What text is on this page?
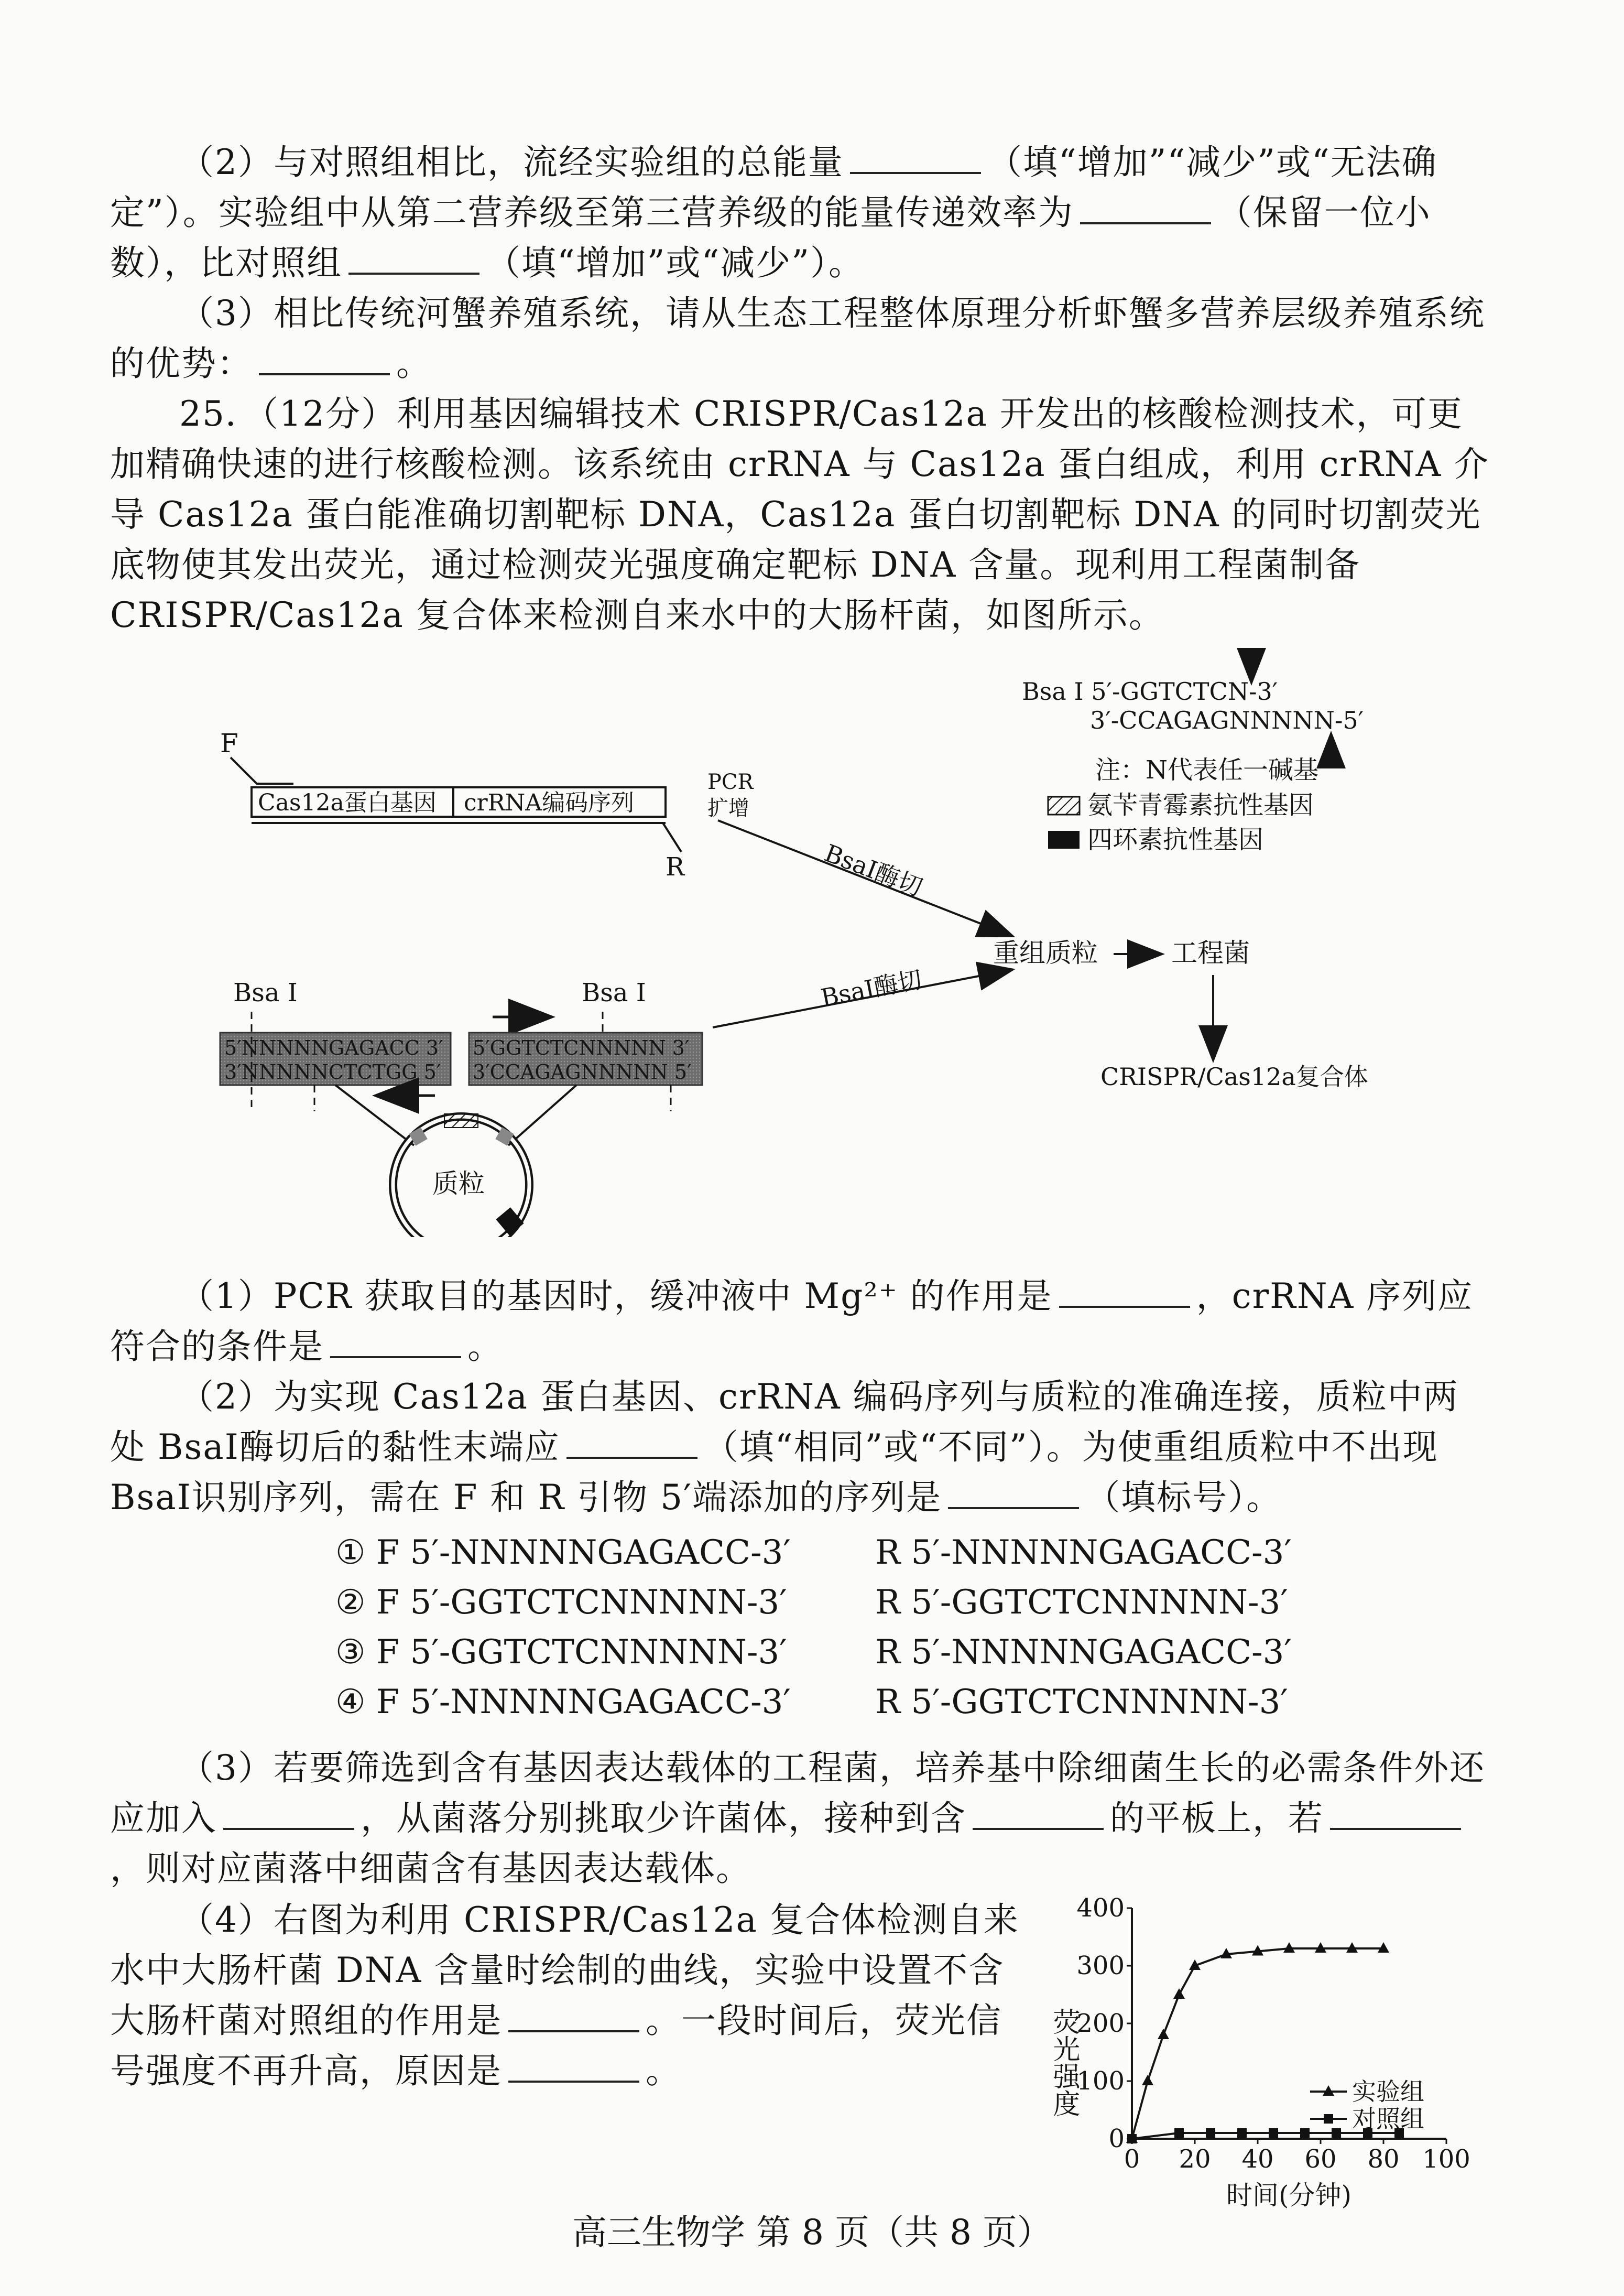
（2）与对照组相比，流经实验组的总能量	（填“增加”“减少”或“无法确定”）。实验组中从第二营养级至第三营养级的能量传递效率为	（保留一位小数），比对照组	（填“增加”或“减少”）。

（3）相比传统河蟹养殖系统，请从生态工程整体原理分析虾蟹多营养层级养殖系统的优势：	。

25．（12分）利用基因编辑技术 CRISPR/Cas12a 开发出的核酸检测技术，可更加精确快速的进行核酸检测。该系统由 crRNA 与 Cas12a 蛋白组成，利用 crRNA 介导 Cas12a 蛋白能准确切割靶标 DNA，Cas12a 蛋白切割靶标 DNA 的同时切割荧光底物使其发出荧光，通过检测荧光强度确定靶标 DNA 含量。现利用工程菌制备 CRISPR/Cas12a 复合体来检测自来水中的大肠杆菌，如图所示。

Bsa Ⅰ 5′-GGTCTCN-3′
3′-CCAGAGNNNNN-5′
注：N代表任一碱基
氨苄青霉素抗性基因
四环素抗性基因
F
Cas12a蛋白基因 crRNA编码序列
R
PCR
扩增
BsaⅠ酶切
重组质粒	工程菌
CRISPR/Cas12a复合体
Bsa Ⅰ	Bsa Ⅰ
5′NNNNNGAGACC 3′
3′NNNNNCTCTGG 5′
5′GGTCTCNNNNN 3′
3′CCAGAGNNNNN 5′
BsaⅠ酶切
质粒

（1）PCR 获取目的基因时，缓冲液中 Mg²⁺ 的作用是	，crRNA 序列应符合的条件是	。

（2）为实现 Cas12a 蛋白基因、crRNA 编码序列与质粒的准确连接，质粒中两处 BsaⅠ酶切后的黏性末端应	（填“相同”或“不同”）。为使重组质粒中不出现 BsaⅠ识别序列，需在 F 和 R 引物 5′端添加的序列是	（填标号）。

① F 5′-NNNNNGAGACC-3′	R 5′-NNNNNGAGACC-3′
② F 5′-GGTCTCNNNNN-3′	R 5′-GGTCTCNNNNN-3′
③ F 5′-GGTCTCNNNNN-3′	R 5′-NNNNNGAGACC-3′
④ F 5′-NNNNNGAGACC-3′	R 5′-GGTCTCNNNNN-3′

（3）若要筛选到含有基因表达载体的工程菌，培养基中除细菌生长的必需条件外还应加入	，从菌落分别挑取少许菌体，接种到含	的平板上，若，则对应菌落中细菌含有基因表达载体。

（4）右图为利用 CRISPR/Cas12a 复合体检测自来水中大肠杆菌 DNA 含量时绘制的曲线，实验中设置不含大肠杆菌对照组的作用是	。一段时间后，荧光信号强度不再升高，原因是	。

0 20 40 60 80 100
0
100
200
300
400
荧光强度
时间(分钟)
实验组
对照组
高三生物学 第 8 页（共 8 页）
